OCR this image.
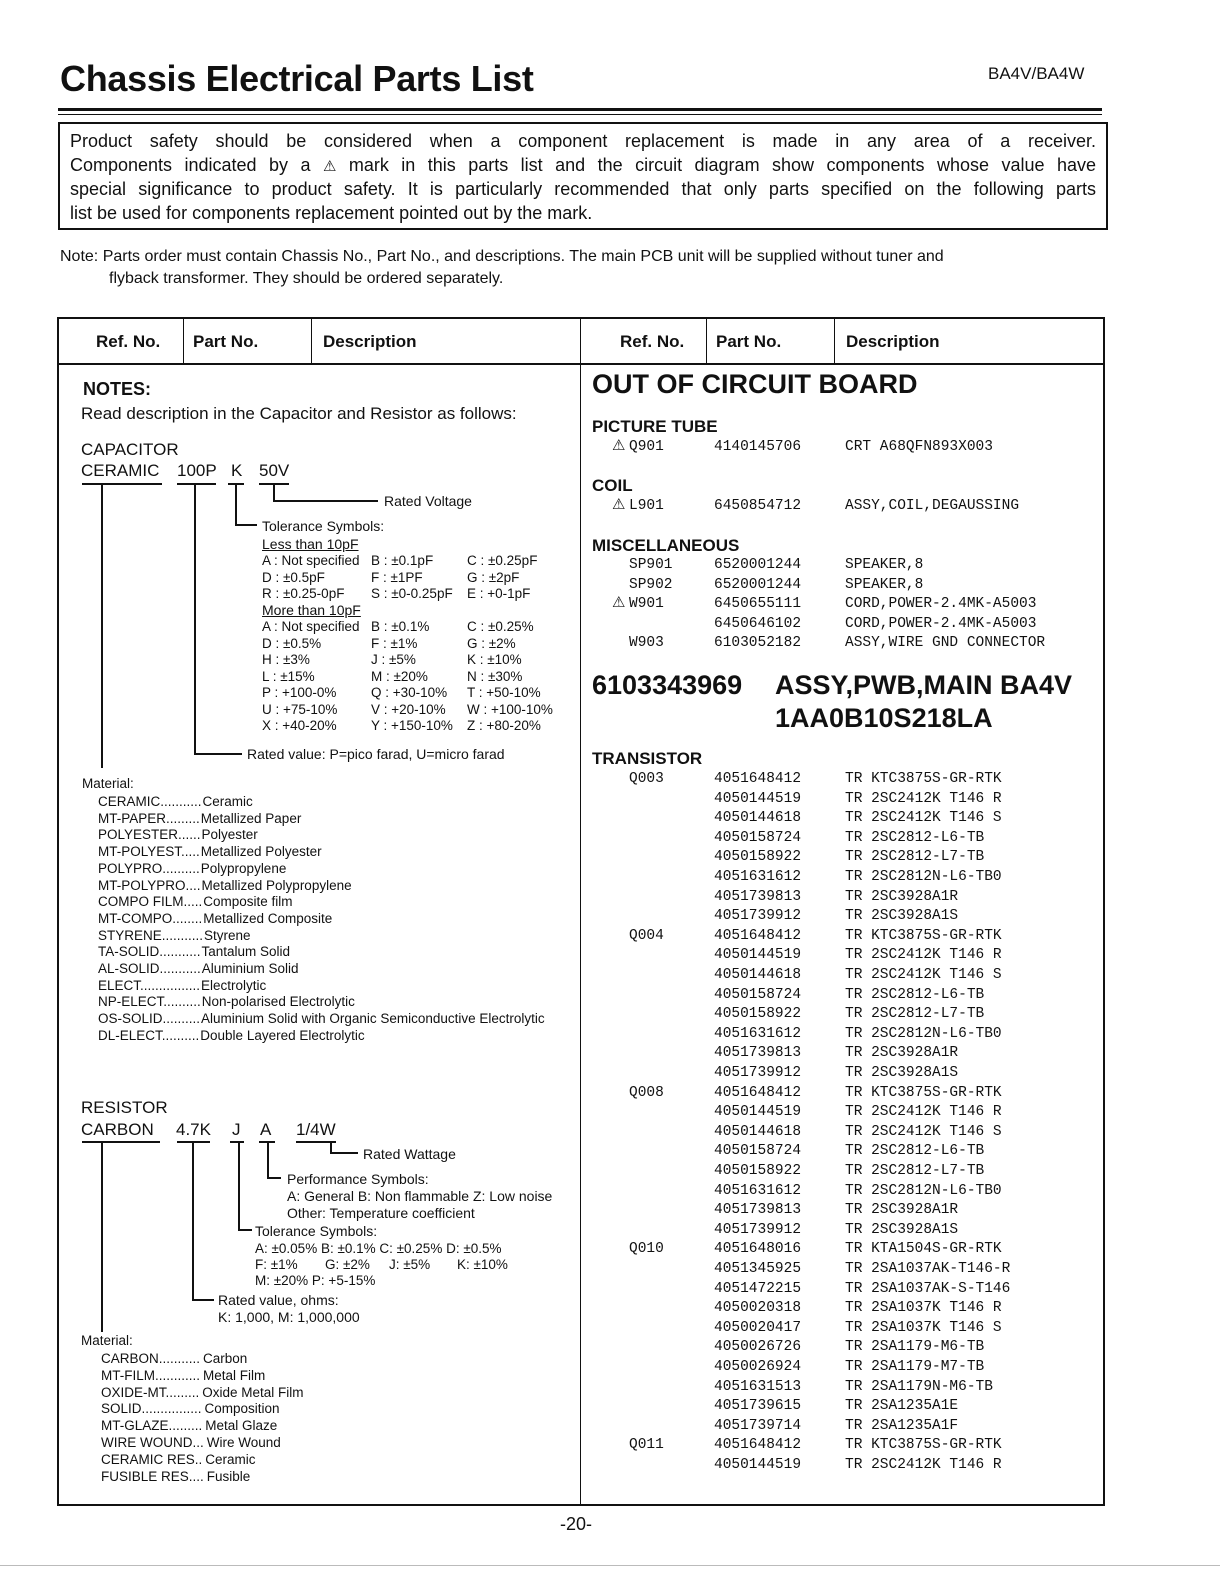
Chassis Electrical Parts List	BA4V/BA4W
Product safety should be considered when a component replacement is made in any area of a receiver.
Components indicated by a ⚠ mark in this parts list and the circuit diagram show components whose value have
special significance to product safety. It is particularly recommended that only parts specified on the following parts
list be used for components replacement pointed out by the mark.
Note: Parts order must contain Chassis No., Part No., and descriptions. The main PCB unit will be supplied without tuner and
flyback transformer. They should be ordered separately.
Ref. No. Part No.	Description	Ref. No. Part No.	Description
NOTES:
Read description in the Capacitor and Resistor as follows:
CAPACITOR
CERAMIC 100P K 50V
Rated Voltage
Tolerance Symbols:
Less than 10pF
A : Not specified B : ±0.1pF	C : ±0.25pF
D : ±0.5pF	F : ±1PF	G : ±2pF
R : ±0.25-0pF S : ±0-0.25pF E : +0-1pF
More than 10pF
A : Not specified B : ±0.1%	C : ±0.25%
D : ±0.5%	F : ±1%	G : ±2%
H : ±3%	J : ±5%	K : ±10%
L : ±15%	M : ±20%	N : ±30%
P : +100-0%	Q : +30-10% T : +50-10%
U : +75-10% V : +20-10% W : +100-10%
X : +40-20%	Y : +150-10% Z : +80-20%
Rated value: P=pico farad, U=micro farad
Material:
CERAMIC...........Ceramic
MT-PAPER.........Metallized Paper
POLYESTER......Polyester
MT-POLYEST.....Metallized Polyester
POLYPRO..........Polypropylene
MT-POLYPRO....Metallized Polypropylene
COMPO FILM.....Composite film
MT-COMPO........Metallized Composite
STYRENE...........Styrene
TA-SOLID...........Tantalum Solid
AL-SOLID...........Aluminium Solid
ELECT................Electrolytic
NP-ELECT..........Non-polarised Electrolytic
OS-SOLID..........Aluminium Solid with Organic Semiconductive Electrolytic
DL-ELECT..........Double Layered Electrolytic
RESISTOR
CARBON 4.7K J A 1/4W
Rated Wattage
Performance Symbols:
A: General B: Non flammable Z: Low noise
Other: Temperature coefficient
Tolerance Symbols:
A: ±0.05% B: ±0.1% C: ±0.25% D: ±0.5%
F: ±1% G: ±2% J: ±5% K: ±10%
M: ±20% P: +5-15%
Rated value, ohms:
K: 1,000, M: 1,000,000
Material:
CARBON........... Carbon
MT-FILM............ Metal Film
OXIDE-MT......... Oxide Metal Film
SOLID................ Composition
MT-GLAZE......... Metal Glaze
WIRE WOUND... Wire Wound
CERAMIC RES.. Ceramic
FUSIBLE RES.... Fusible
OUT OF CIRCUIT BOARD
PICTURE TUBE
⚠ Q901	4140145706	CRT A68QFN893X003
COIL
⚠ L901	6450854712	ASSY,COIL,DEGAUSSING
MISCELLANEOUS
SP901	6520001244	SPEAKER,8
SP902	6520001244	SPEAKER,8
⚠ W901	6450655111	CORD,POWER-2.4MK-A5003
6450646102	CORD,POWER-2.4MK-A5003
W903	6103052182	ASSY,WIRE GND CONNECTOR
6103343969 ASSY,PWB,MAIN BA4V
1AA0B10S218LA
TRANSISTOR
Q003	4051648412	TR KTC3875S-GR-RTK
4050144519	TR 2SC2412K T146 R
4050144618	TR 2SC2412K T146 S
4050158724	TR 2SC2812-L6-TB
4050158922	TR 2SC2812-L7-TB
4051631612	TR 2SC2812N-L6-TB0
4051739813	TR 2SC3928A1R
4051739912	TR 2SC3928A1S
Q004	4051648412	TR KTC3875S-GR-RTK
4050144519	TR 2SC2412K T146 R
4050144618	TR 2SC2412K T146 S
4050158724	TR 2SC2812-L6-TB
4050158922	TR 2SC2812-L7-TB
4051631612	TR 2SC2812N-L6-TB0
4051739813	TR 2SC3928A1R
4051739912	TR 2SC3928A1S
Q008	4051648412	TR KTC3875S-GR-RTK
4050144519	TR 2SC2412K T146 R
4050144618	TR 2SC2412K T146 S
4050158724	TR 2SC2812-L6-TB
4050158922	TR 2SC2812-L7-TB
4051631612	TR 2SC2812N-L6-TB0
4051739813	TR 2SC3928A1R
4051739912	TR 2SC3928A1S
Q010	4051648016	TR KTA1504S-GR-RTK
4051345925	TR 2SA1037AK-T146-R
4051472215	TR 2SA1037AK-S-T146
4050020318	TR 2SA1037K T146 R
4050020417	TR 2SA1037K T146 S
4050026726	TR 2SA1179-M6-TB
4050026924	TR 2SA1179-M7-TB
4051631513	TR 2SA1179N-M6-TB
4051739615	TR 2SA1235A1E
4051739714	TR 2SA1235A1F
Q011	4051648412	TR KTC3875S-GR-RTK
4050144519	TR 2SC2412K T146 R
-20-
